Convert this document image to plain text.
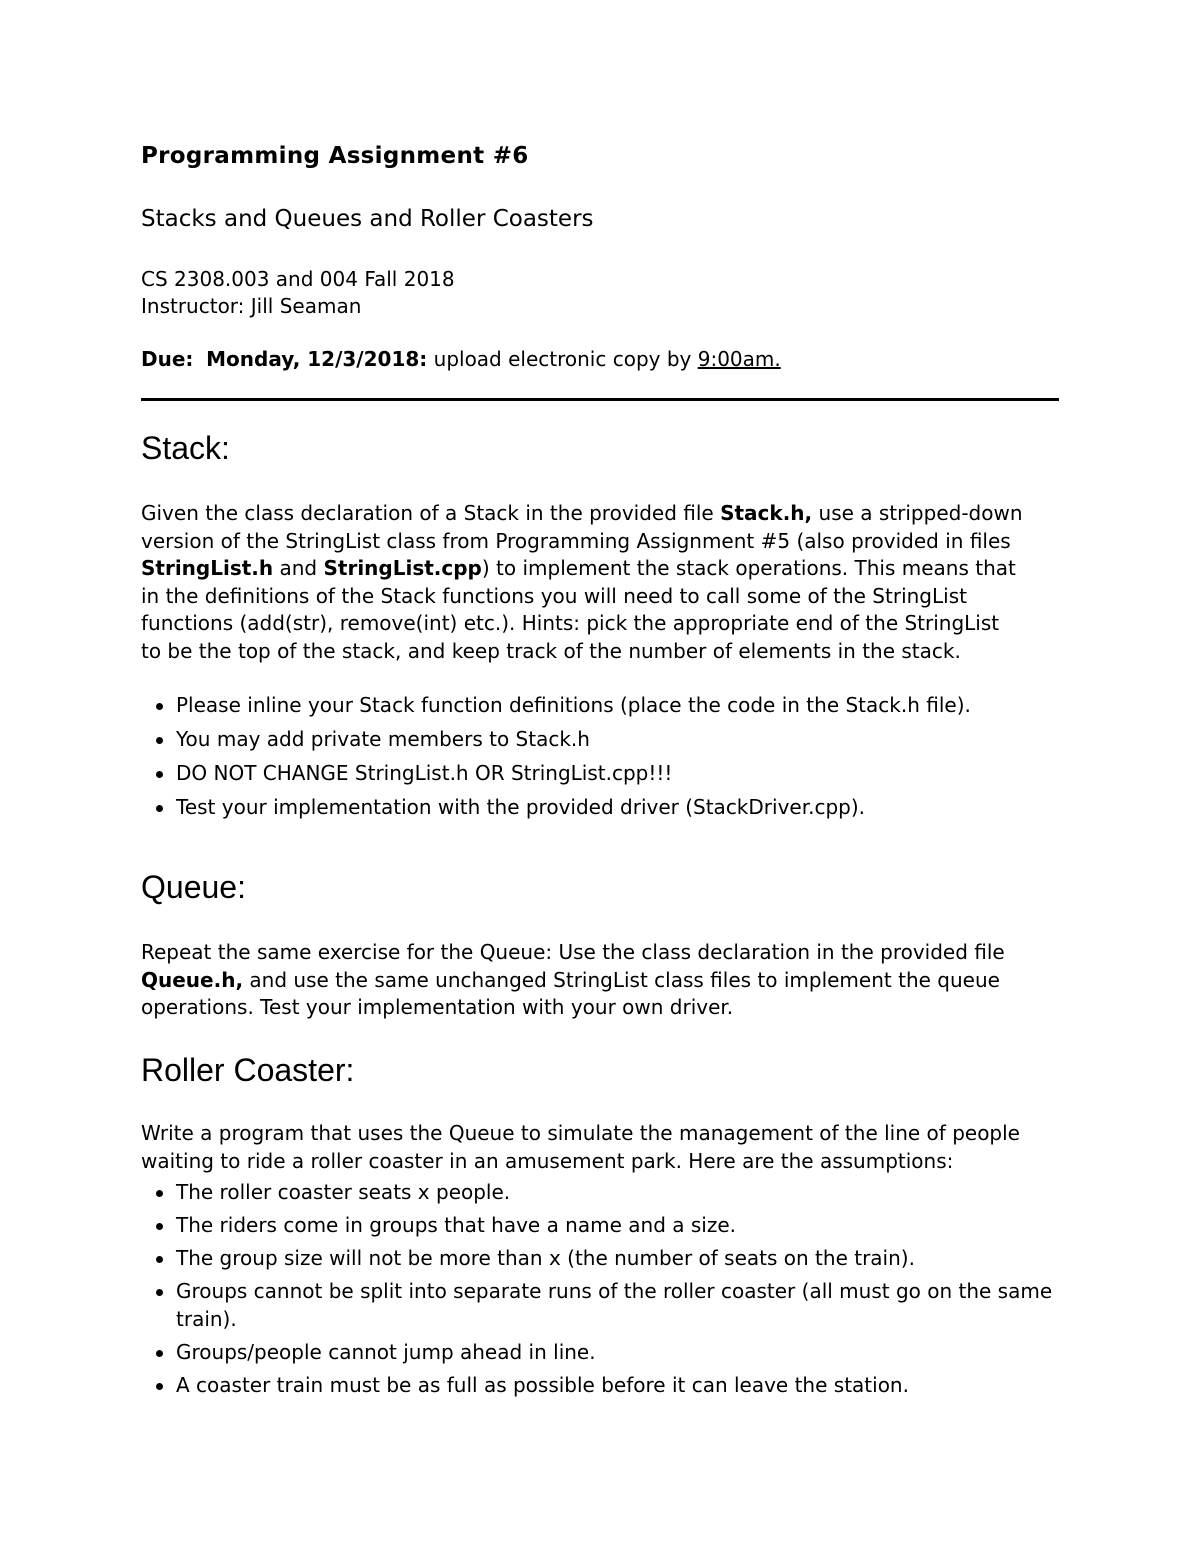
Programming Assignment #6
Stacks and Queues and Roller Coasters
CS 2308.003 and 004 Fall 2018
Instructor: Jill Seaman
Due: Monday, 12/3/2018: upload electronic copy by 9:00am.
Stack:
Given the class declaration of a Stack in the provided file Stack.h, use a stripped-down
version of the StringList class from Programming Assignment #5 (also provided in files
StringList.h and StringList.cpp) to implement the stack operations. This means that
in the definitions of the Stack functions you will need to call some of the StringList
functions (add(str), remove(int) etc.). Hints: pick the appropriate end of the StringList
to be the top of the stack, and keep track of the number of elements in the stack.
Please inline your Stack function definitions (place the code in the Stack.h file).
You may add private members to Stack.h
DO NOT CHANGE StringList.h OR StringList.cpp!!!
Test your implementation with the provided driver (StackDriver.cpp).
Queue:
Repeat the same exercise for the Queue: Use the class declaration in the provided file
Queue.h, and use the same unchanged StringList class files to implement the queue
operations. Test your implementation with your own driver.
Roller Coaster:
Write a program that uses the Queue to simulate the management of the line of people
waiting to ride a roller coaster in an amusement park. Here are the assumptions:
The roller coaster seats x people.
The riders come in groups that have a name and a size.
The group size will not be more than x (the number of seats on the train).
Groups cannot be split into separate runs of the roller coaster (all must go on the same train).
Groups/people cannot jump ahead in line.
A coaster train must be as full as possible before it can leave the station.
